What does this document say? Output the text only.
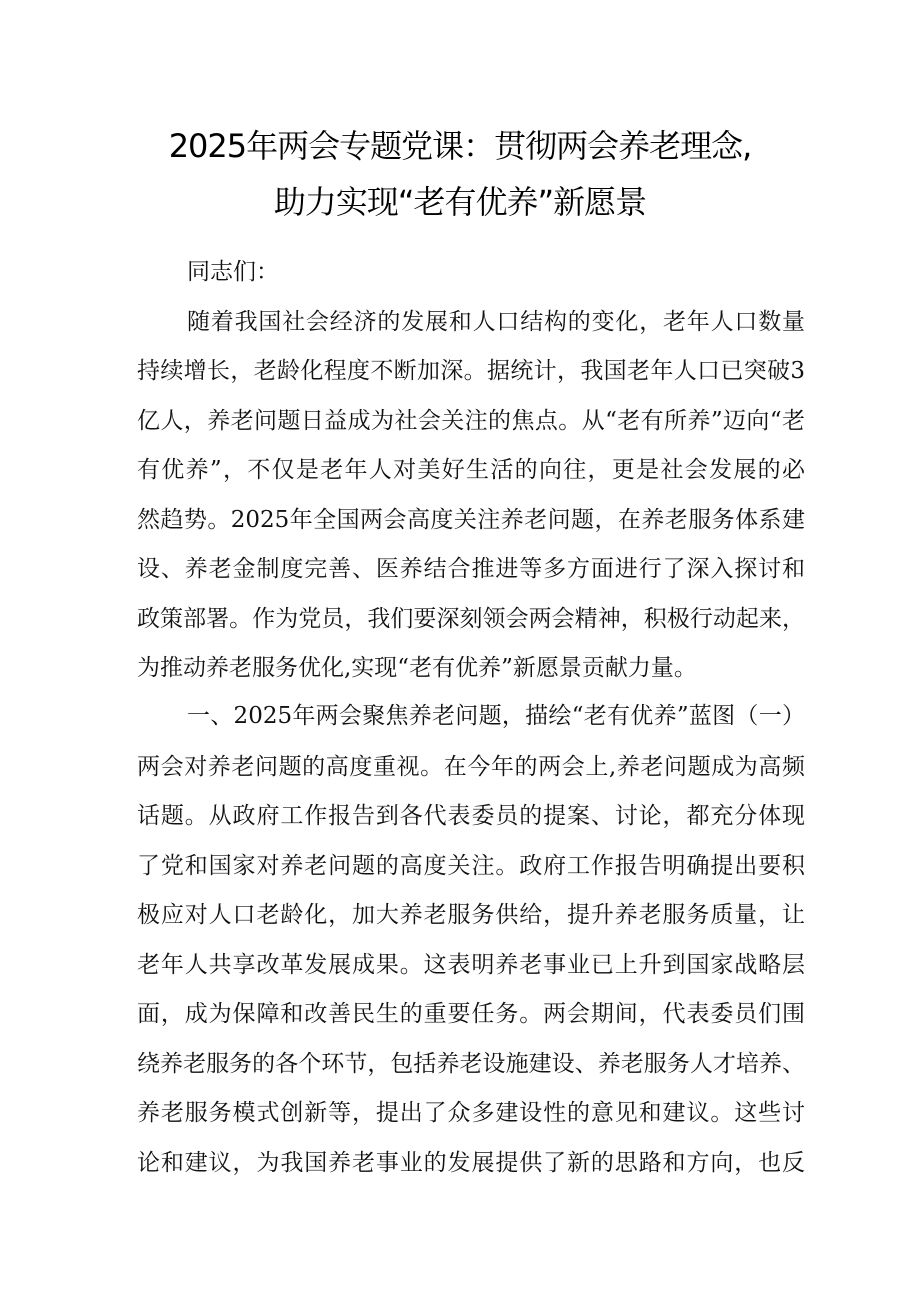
2025年两会专题党课：贯彻两会养老理念,
助力实现“老有优养”新愿景
同志们：
随着我国社会经济的发展和人口结构的变化，老年人口数量
持续增长，老龄化程度不断加深。据统计，我国老年人口已突破3
亿人，养老问题日益成为社会关注的焦点。从“老有所养”迈向“老
有优养”，不仅是老年人对美好生活的向往，更是社会发展的必
然趋势。2025年全国两会高度关注养老问题，在养老服务体系建
设、养老金制度完善、医养结合推进等多方面进行了深入探讨和
政策部署。作为党员，我们要深刻领会两会精神，积极行动起来，
为推动养老服务优化,实现“老有优养”新愿景贡献力量。
一、2025年两会聚焦养老问题，描绘“老有优养”蓝图（一）
两会对养老问题的高度重视。在今年的两会上,养老问题成为高频
话题。从政府工作报告到各代表委员的提案、讨论，都充分体现
了党和国家对养老问题的高度关注。政府工作报告明确提出要积
极应对人口老龄化，加大养老服务供给，提升养老服务质量，让
老年人共享改革发展成果。这表明养老事业已上升到国家战略层
面，成为保障和改善民生的重要任务。两会期间，代表委员们围
绕养老服务的各个环节，包括养老设施建设、养老服务人才培养、
养老服务模式创新等，提出了众多建设性的意见和建议。这些讨
论和建议，为我国养老事业的发展提供了新的思路和方向，也反
